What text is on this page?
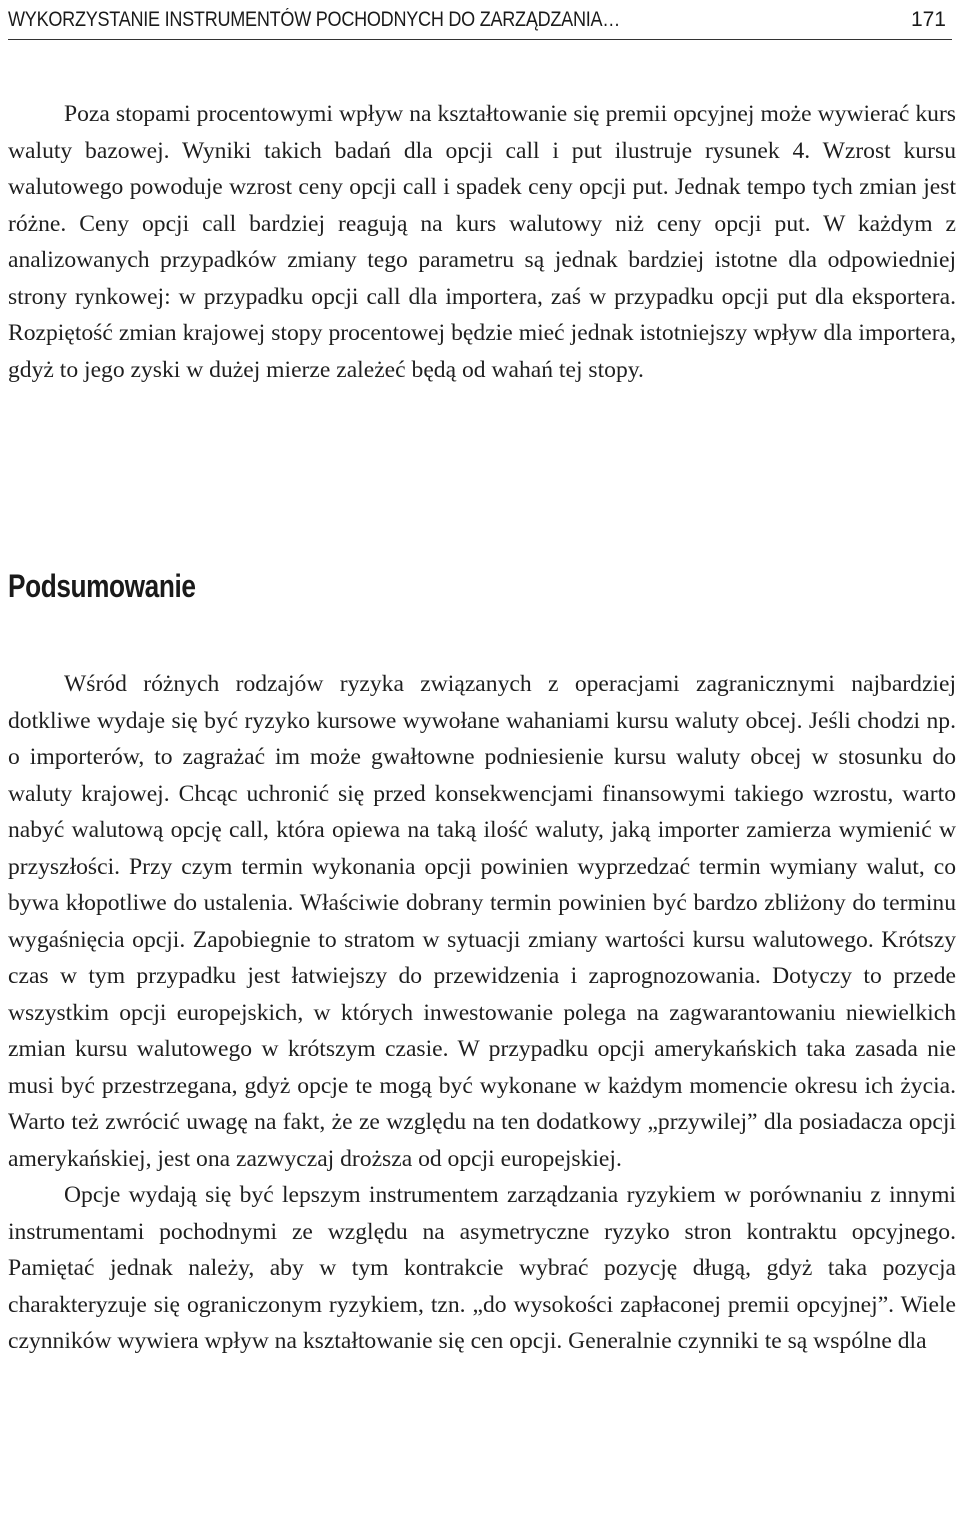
WYKORZYSTANIE INSTRUMENTÓW POCHODNYCH DO ZARZĄDZANIA…	171

Poza stopami procentowymi wpływ na kształtowanie się premii opcyjnej może wywierać kurs waluty bazowej. Wyniki takich badań dla opcji call i put ilustruje rysunek 4. Wzrost kursu walutowego powoduje wzrost ceny opcji call i spadek ceny opcji put. Jednak tempo tych zmian jest różne. Ceny opcji call bardziej reagują na kurs walutowy niż ceny opcji put. W każdym z analizowanych przypadków zmiany tego parametru są jednak bardziej istotne dla odpowiedniej strony rynkowej: w przypadku opcji call dla importera, zaś w przypadku opcji put dla eksportera. Rozpiętość zmian krajowej stopy procentowej będzie mieć jednak istotniejszy wpływ dla importera, gdyż to jego zyski w dużej mierze zależeć będą od wahań tej stopy.

Podsumowanie

Wśród różnych rodzajów ryzyka związanych z operacjami zagranicznymi najbardziej dotkliwe wydaje się być ryzyko kursowe wywołane wahaniami kursu waluty obcej. Jeśli chodzi np. o importerów, to zagrażać im może gwałtowne podniesienie kursu waluty obcej w stosunku do waluty krajowej. Chcąc uchronić się przed konsekwencjami finansowymi takiego wzrostu, warto nabyć walutową opcję call, która opiewa na taką ilość waluty, jaką importer zamierza wymienić w przyszłości. Przy czym termin wykonania opcji powinien wyprzedzać termin wymiany walut, co bywa kłopotliwe do ustalenia. Właściwie dobrany termin powinien być bardzo zbliżony do terminu wygaśnięcia opcji. Zapobiegnie to stratom w sytuacji zmiany wartości kursu walutowego. Krótszy czas w tym przypadku jest łatwiejszy do przewidzenia i zaprognozowania. Dotyczy to przede wszystkim opcji europejskich, w których inwestowanie polega na zagwarantowaniu niewielkich zmian kursu walutowego w krótszym czasie. W przypadku opcji amerykańskich taka zasada nie musi być przestrzegana, gdyż opcje te mogą być wykonane w każdym momencie okresu ich życia. Warto też zwrócić uwagę na fakt, że ze względu na ten dodatkowy „przywilej” dla posiadacza opcji amerykańskiej, jest ona zazwyczaj droższa od opcji europejskiej.

Opcje wydają się być lepszym instrumentem zarządzania ryzykiem w porównaniu z innymi instrumentami pochodnymi ze względu na asymetryczne ryzyko stron kontraktu opcyjnego. Pamiętać jednak należy, aby w tym kontrakcie wybrać pozycję długą, gdyż taka pozycja charakteryzuje się ograniczonym ryzykiem, tzn. „do wysokości zapłaconej premii opcyjnej”. Wiele czynników wywiera wpływ na kształtowanie się cen opcji. Generalnie czynniki te są wspólne dla
